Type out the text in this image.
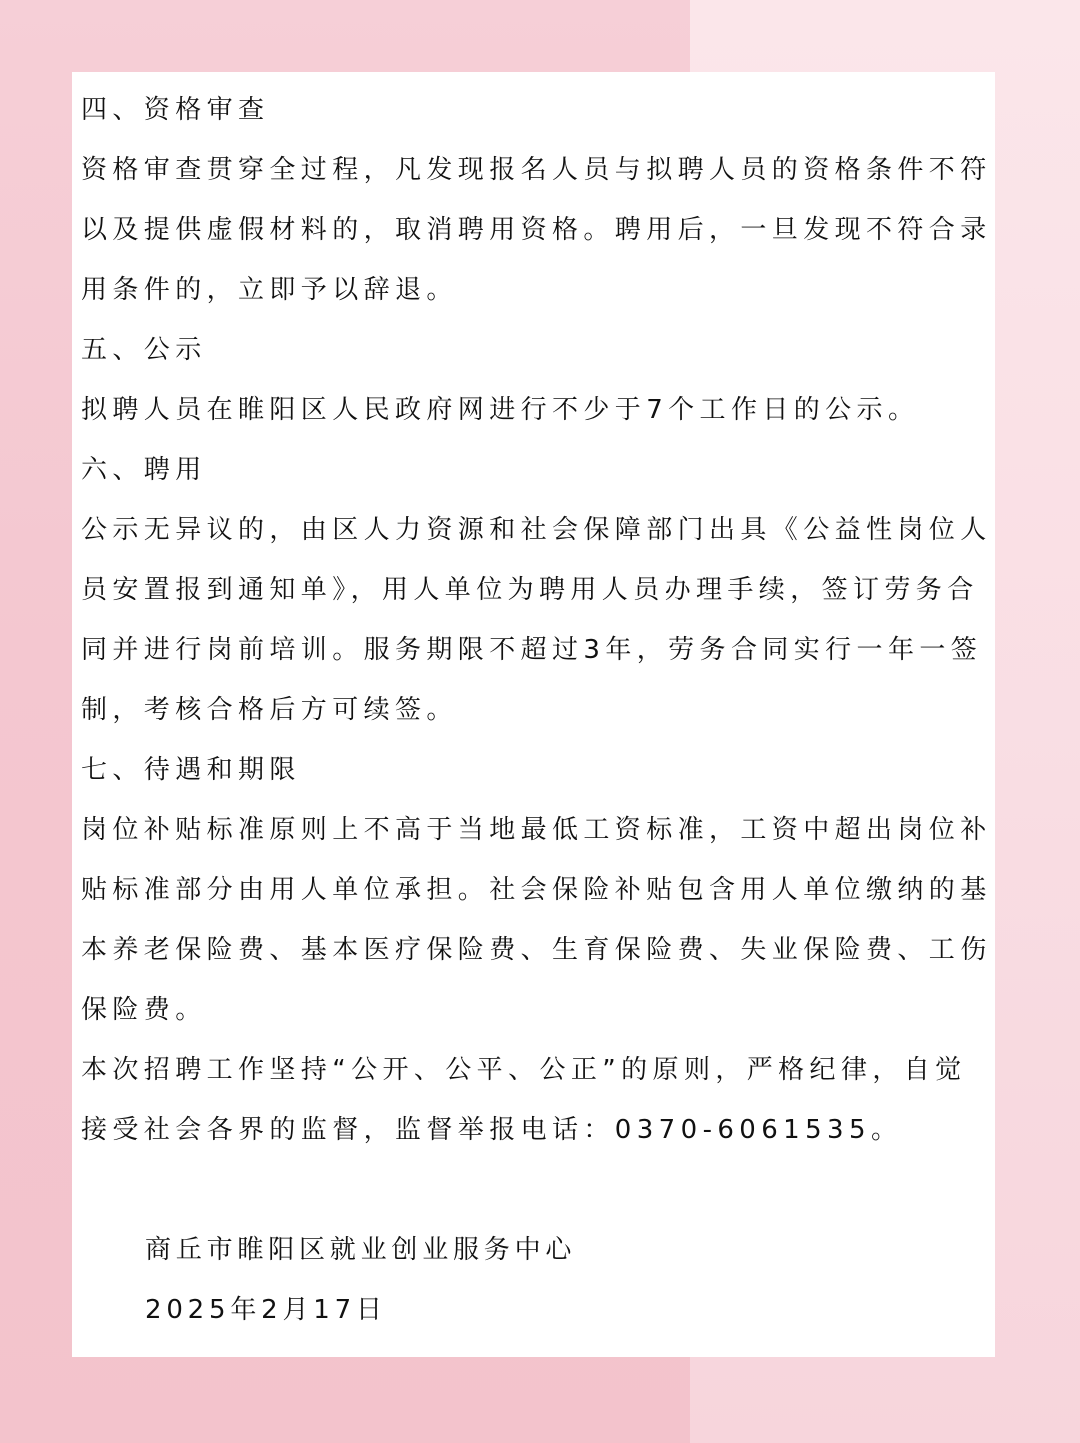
四、资格审查
资格审查贯穿全过程，凡发现报名人员与拟聘人员的资格条件不符
以及提供虚假材料的，取消聘用资格。聘用后，一旦发现不符合录
用条件的，立即予以辞退。
五、公示
拟聘人员在睢阳区人民政府网进行不少于7个工作日的公示。
六、聘用
公示无异议的，由区人力资源和社会保障部门出具《公益性岗位人
员安置报到通知单》，用人单位为聘用人员办理手续，签订劳务合
同并进行岗前培训。服务期限不超过3年，劳务合同实行一年一签
制，考核合格后方可续签。
七、待遇和期限
岗位补贴标准原则上不高于当地最低工资标准，工资中超出岗位补
贴标准部分由用人单位承担。社会保险补贴包含用人单位缴纳的基
本养老保险费、基本医疗保险费、生育保险费、失业保险费、工伤
保险费。
本次招聘工作坚持“公开、公平、公正”的原则，严格纪律，自觉
接受社会各界的监督，监督举报电话：0370-6061535。
商丘市睢阳区就业创业服务中心
2025年2月17日
